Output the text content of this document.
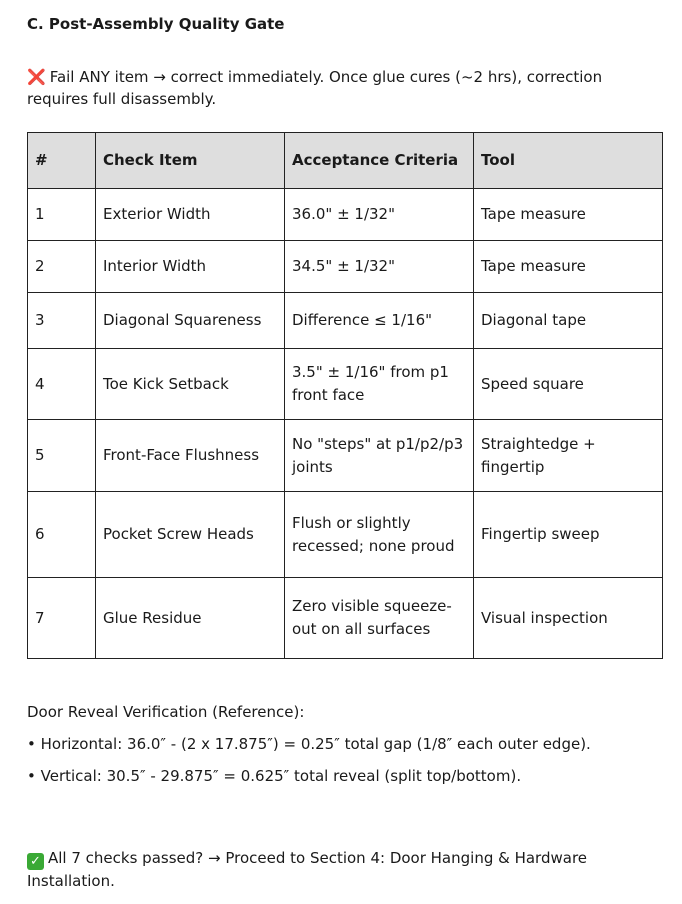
C. Post-Assembly Quality Gate
❌ Fail ANY item → correct immediately. Once glue cures (~2 hrs), correction requires full disassembly.
#	Check Item	Acceptance Criteria	Tool
1	Exterior Width	36.0" ± 1/32"	Tape measure
2	Interior Width	34.5" ± 1/32"	Tape measure
3	Diagonal Squareness	Difference ≤ 1/16"	Diagonal tape
4	Toe Kick Setback	3.5" ± 1/16" from p1 front face	Speed square
5	Front-Face Flushness	No "steps" at p1/p2/p3 joints	Straightedge + fingertip
6	Pocket Screw Heads	Flush or slightly recessed; none proud	Fingertip sweep
7	Glue Residue	Zero visible squeeze-out on all surfaces	Visual inspection

Door Reveal Verification (Reference):

• Horizontal: 36.0″ - (2 x 17.875″) = 0.25″ total gap (1/8″ each outer edge).

• Vertical: 30.5″ - 29.875″ = 0.625″ total reveal (split top/bottom).

✓ All 7 checks passed? → Proceed to Section 4: Door Hanging & Hardware Installation.
